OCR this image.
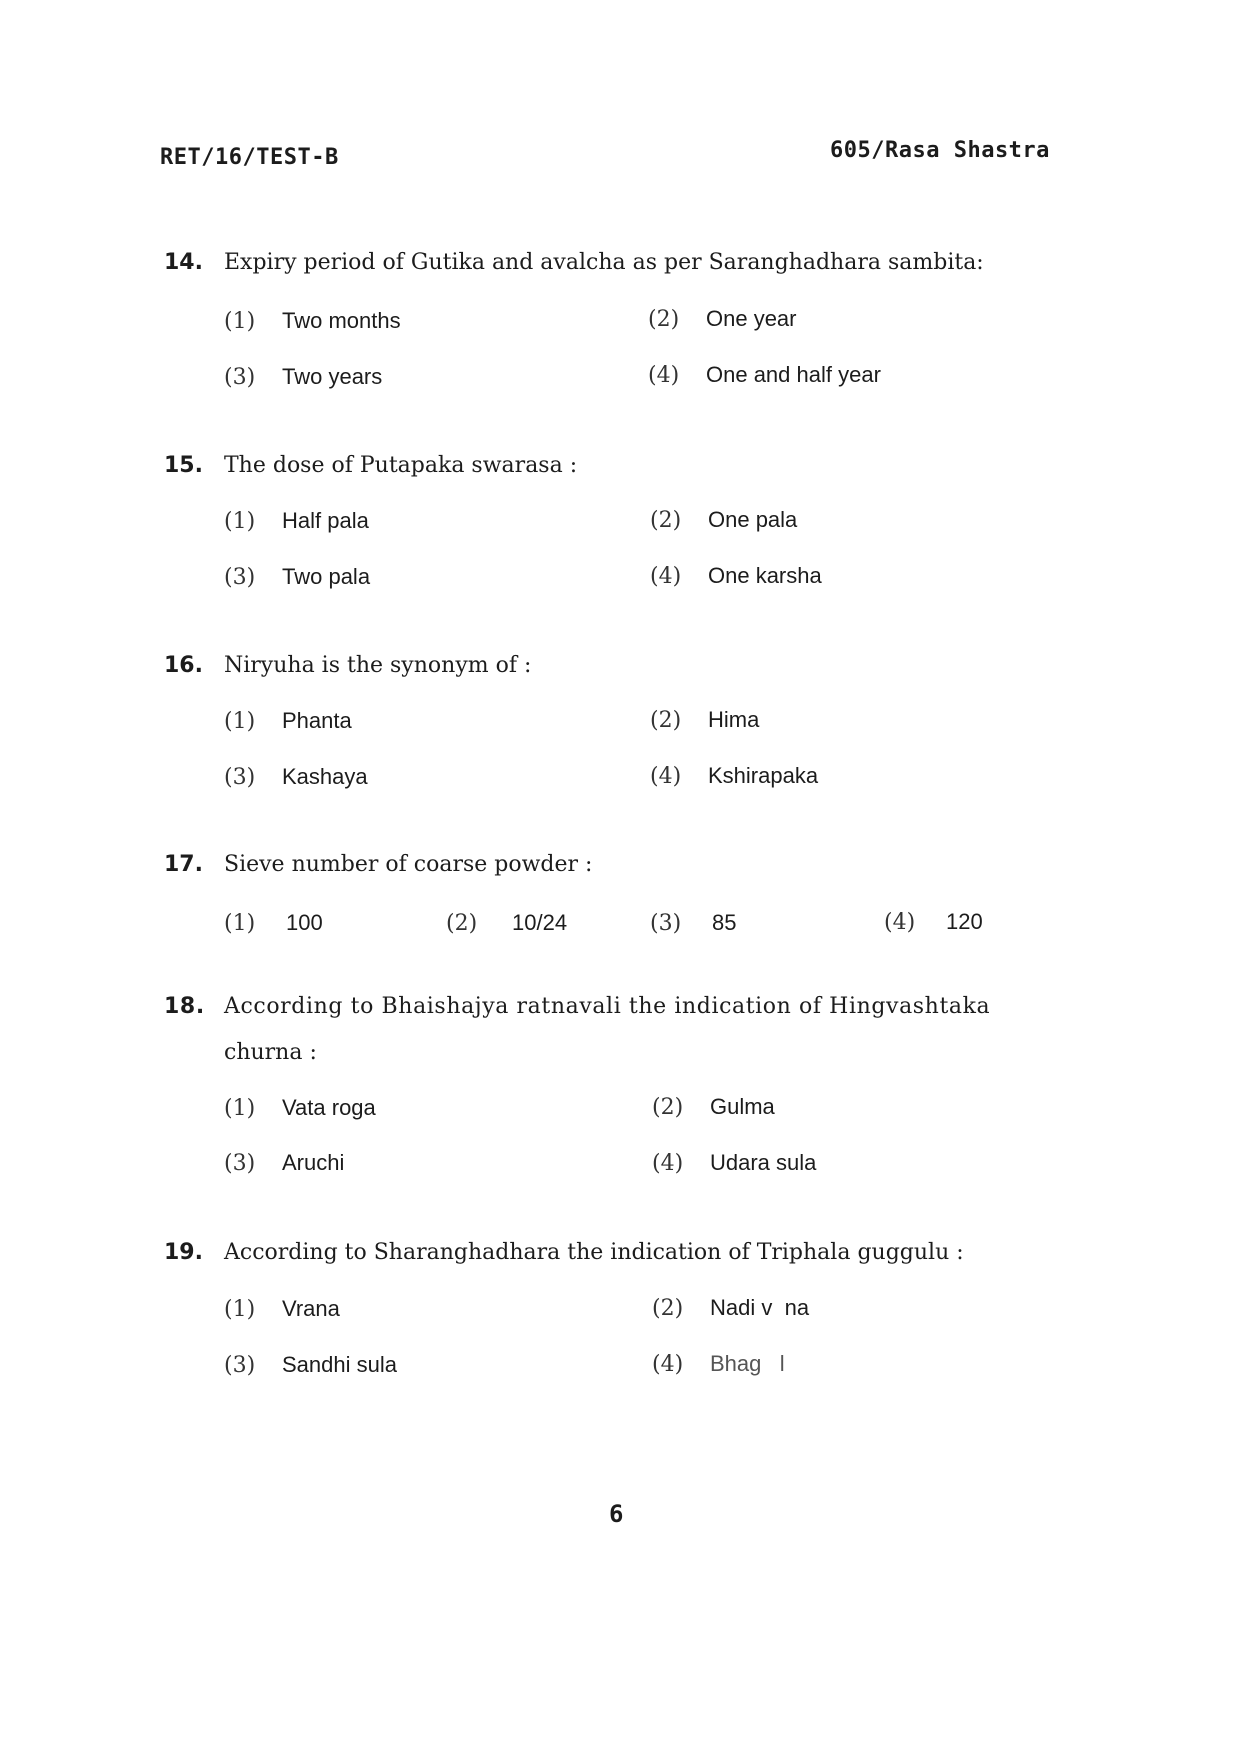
RET/16/TEST-B	605/Rasa Shastra
14. Expiry period of Gutika and avalcha as per Saranghadhara sambita:
(1) Two months	(2) One year
(3) Two years	(4) One and half year
15. The dose of Putapaka swarasa :
(1) Half pala	(2) One pala
(3) Two pala	(4) One karsha
16. Niryuha is the synonym of :
(1) Phanta	(2) Hima
(3) Kashaya	(4) Kshirapaka
17. Sieve number of coarse powder :
(1) 100	(2) 10/24	(3) 85	(4) 120
18. According to Bhaishajya ratnavali the indication of Hingvashtaka
churna :
(1) Vata roga	(2) Gulma
(3) Aruchi	(4) Udara sula
19. According to Sharanghadhara the indication of Triphala guggulu :
(1) Vrana	(2) Nadi v  na
(3) Sandhi sula	(4) Bhag   l
6
